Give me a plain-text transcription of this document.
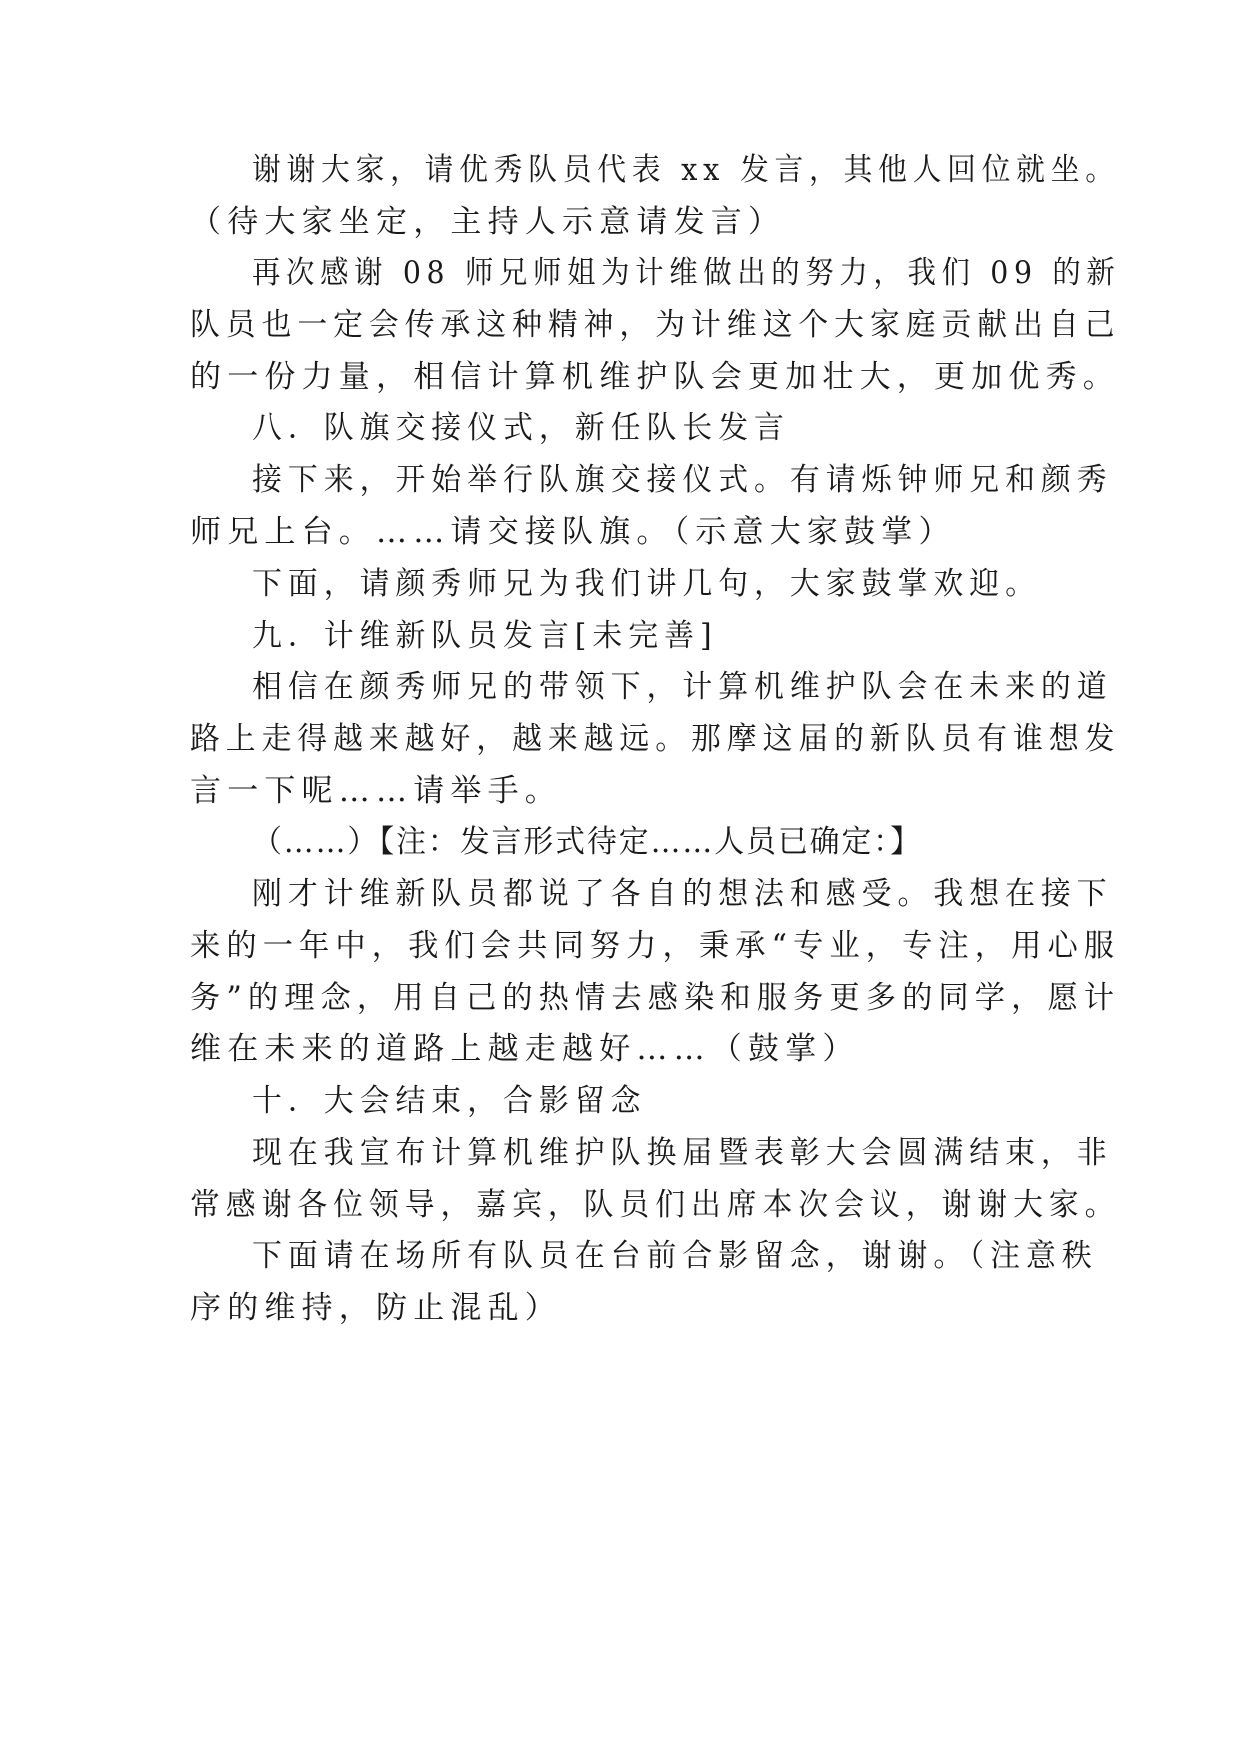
谢谢大家，请优秀队员代表 xx 发言，其他人回位就坐。
（待大家坐定，主持人示意请发言）
再次感谢 08 师兄师姐为计维做出的努力，我们 09 的新
队员也一定会传承这种精神，为计维这个大家庭贡献出自己
的一份力量，相信计算机维护队会更加壮大，更加优秀。
八．队旗交接仪式，新任队长发言
接下来，开始举行队旗交接仪式。有请烁钟师兄和颜秀
师兄上台。……请交接队旗。（示意大家鼓掌）
下面，请颜秀师兄为我们讲几句，大家鼓掌欢迎。
九．计维新队员发言[未完善]
相信在颜秀师兄的带领下，计算机维护队会在未来的道
路上走得越来越好，越来越远。那摩这届的新队员有谁想发
言一下呢……请举手。
（……）【注：发言形式待定……人员已确定：】
刚才计维新队员都说了各自的想法和感受。我想在接下
来的一年中，我们会共同努力，秉承“专业，专注，用心服
务”的理念，用自己的热情去感染和服务更多的同学，愿计
维在未来的道路上越走越好……（鼓掌）
十．大会结束，合影留念
现在我宣布计算机维护队换届暨表彰大会圆满结束，非
常感谢各位领导，嘉宾，队员们出席本次会议，谢谢大家。
下面请在场所有队员在台前合影留念，谢谢。（注意秩
序的维持，防止混乱）
